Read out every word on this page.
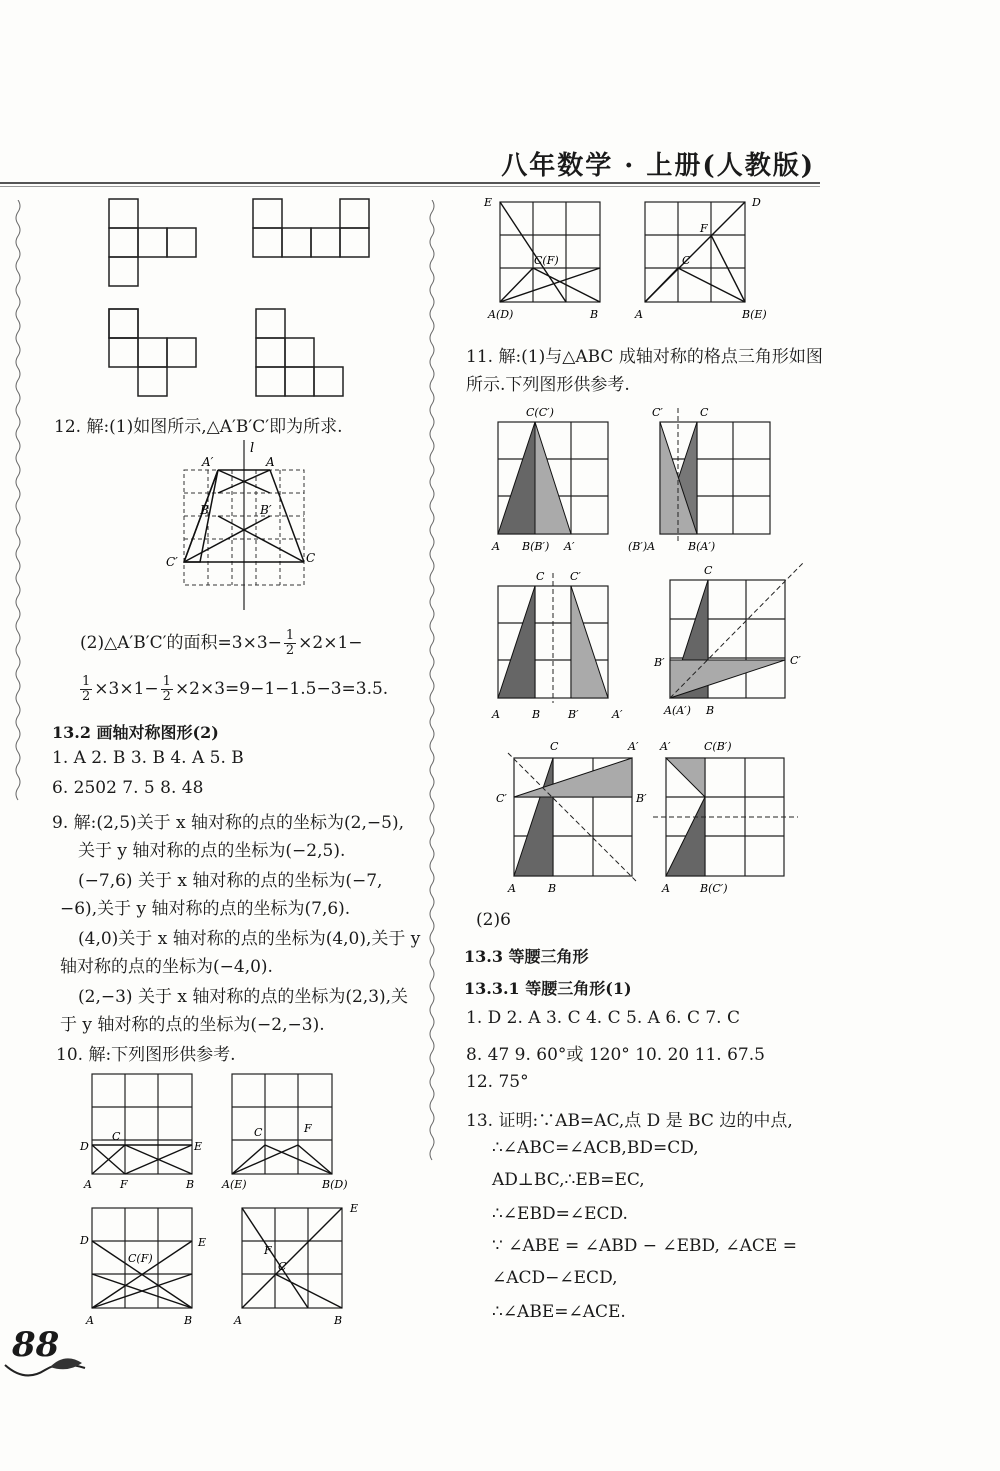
八年数学 · 上册(人教版)
12. 解:(1)如图所示,△A′B′C′即为所求.
l
A′	A
B	B′
C′	C
(2)△A′B′C′的面积$=3\times 3- \frac{1}{2} \times 2\times 1-$
$\frac{1}{2} \times 3\times 1- \frac{1}{2} \times 2\times 3=9-1-1.5-3=3.5$.
13.2 画轴对称图形(2)
1. A 2. B 3. B 4. A 5. B
6. 2502 7. 5 8. 48
9. 解:(2,5)关于 x 轴对称的点的坐标为(2,−5),
关于 y 轴对称的点的坐标为(−2,5).
(−7,6) 关于 x 轴对称的点的坐标为(−7,
−6),关于 y 轴对称的点的坐标为(7,6).
(4,0)关于 x 轴对称的点的坐标为(4,0),关于 y
轴对称的点的坐标为(−4,0).
(2,−3) 关于 x 轴对称的点的坐标为(2,3),关
于 y 轴对称的点的坐标为(−2,−3).
10. 解:下列图形供参考.
C
D	E
A	F	B
C	F
A(E)	B(D)
D
C(F)
E
A	B
E
F
C
A	B
88
E
C(F)
A(D)	B
D
F
C
A	B(E)
11. 解:(1)与△ABC 成轴对称的格点三角形如图
所示.下列图形供参考.
C(C′)
A B(B′) A′
C′	C
(B′)A	B(A′)
C C′
A	B	B′	A′
C
B′	C′
A(A′) B
C	A′
C′	B′
A	B
A′	C(B′)
A	B(C′)
(2)6
13.3 等腰三角形
13.3.1 等腰三角形(1)
1. D 2. A 3. C 4. C 5. A 6. C 7. C
8. 47 9. 60°或 120° 10. 20 11. 67.5
12. 75°
13. 证明:∵AB=AC,点 D 是 BC 边的中点,
∴∠ABC=∠ACB,BD=CD,
AD⊥BC,∴EB=EC,
∴∠EBD=∠ECD.
∵ ∠ABE = ∠ABD − ∠EBD, ∠ACE =
∠ACD−∠ECD,
∴∠ABE=∠ACE.
